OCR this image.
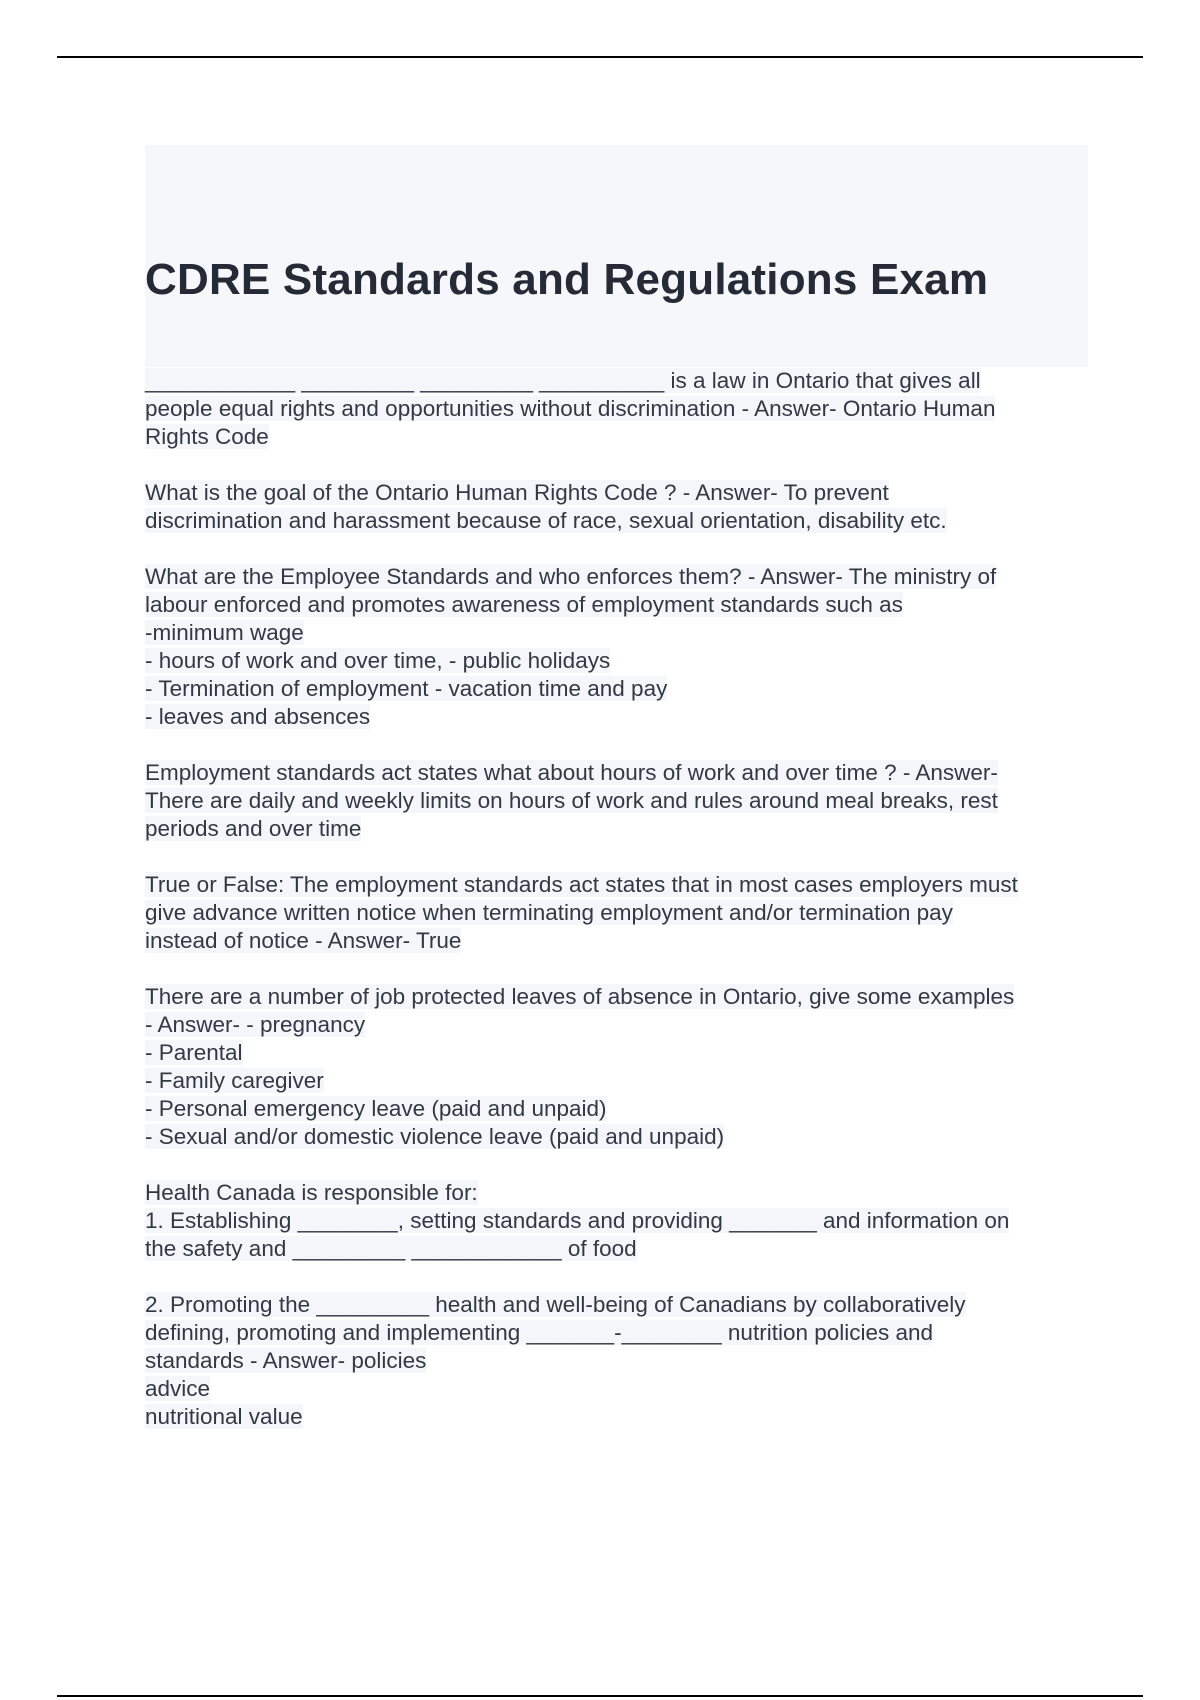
CDRE Standards and Regulations Exam

____________ _________ _________ __________ is a law in Ontario that gives all

people equal rights and opportunities without discrimination - Answer- Ontario Human

Rights Code

What is the goal of the Ontario Human Rights Code ? - Answer- To prevent

discrimination and harassment because of race, sexual orientation, disability etc.

What are the Employee Standards and who enforces them? - Answer- The ministry of

labour enforced and promotes awareness of employment standards such as

-minimum wage

- hours of work and over time, - public holidays

- Termination of employment - vacation time and pay

- leaves and absences

Employment standards act states what about hours of work and over time ? - Answer-

There are daily and weekly limits on hours of work and rules around meal breaks, rest

periods and over time

True or False: The employment standards act states that in most cases employers must

give advance written notice when terminating employment and/or termination pay

instead of notice - Answer- True

There are a number of job protected leaves of absence in Ontario, give some examples

- Answer- - pregnancy

- Parental

- Family caregiver

- Personal emergency leave (paid and unpaid)

- Sexual and/or domestic violence leave (paid and unpaid)

Health Canada is responsible for:

1. Establishing ________, setting standards and providing _______ and information on

the safety and _________ ____________ of food

2. Promoting the _________ health and well-being of Canadians by collaboratively

defining, promoting and implementing _______-________ nutrition policies and

standards - Answer- policies

advice

nutritional value
